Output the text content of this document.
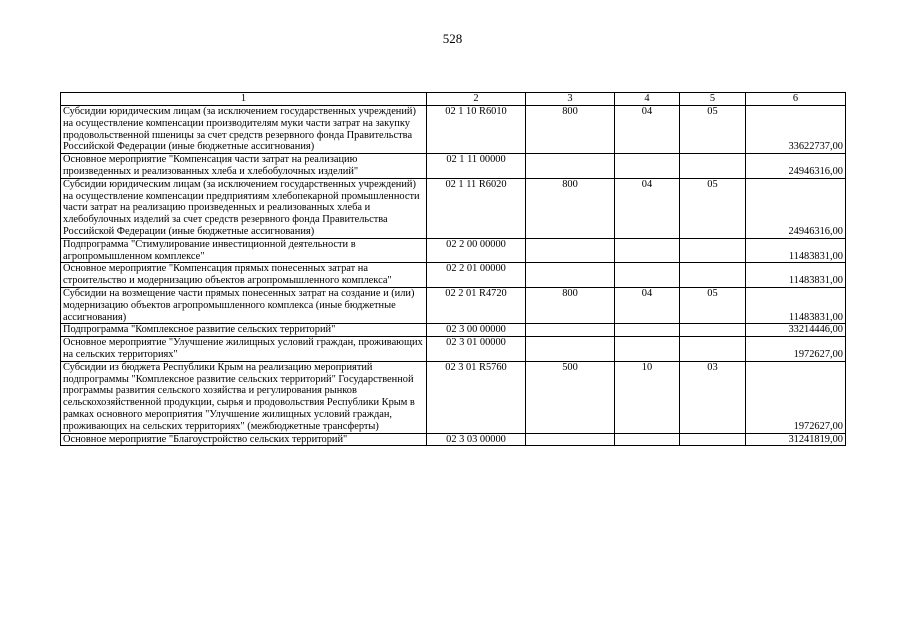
528
1	2	3	4	5	6
Субсидии юридическим лицам (за исключением государственных учреждений) на осуществление компенсации производителям муки части затрат на закупку продовольственной пшеницы за счет средств резервного фонда Правительства Российской Федерации (иные бюджетные ассигнования)	02 1 10 R6010	800	04	05	33622737,00
Основное мероприятие "Компенсация части затрат на реализацию произведенных и реализованных хлеба и хлебобулочных изделий"	02 1 11 00000				24946316,00
Субсидии юридическим лицам (за исключением государственных учреждений) на осуществление компенсации предприятиям хлебопекарной промышленности части затрат на реализацию произведенных и реализованных хлеба и хлебобулочных изделий за счет средств резервного фонда Правительства Российской Федерации (иные бюджетные ассигнования)	02 1 11 R6020	800	04	05	24946316,00
Подпрограмма "Стимулирование инвестиционной деятельности в агропромышленном комплексе"	02 2 00 00000				11483831,00
Основное мероприятие "Компенсация прямых понесенных затрат на строительство и модернизацию объектов агропромышленного комплекса"	02 2 01 00000				11483831,00
Субсидии на возмещение части прямых понесенных затрат на создание и (или) модернизацию объектов агропромышленного комплекса (иные бюджетные ассигнования)	02 2 01 R4720	800	04	05	11483831,00
Подпрограмма "Комплексное развитие сельских территорий"	02 3 00 00000				33214446,00
Основное мероприятие "Улучшение жилищных условий граждан, проживающих на сельских территориях"	02 3 01 00000				1972627,00
Субсидии из бюджета Республики Крым на реализацию мероприятий подпрограммы "Комплексное развитие сельских территорий" Государственной программы развития сельского хозяйства и регулирования рынков сельскохозяйственной продукции, сырья и продовольствия Республики Крым в рамках основного мероприятия "Улучшение жилищных условий граждан, проживающих на сельских территориях" (межбюджетные трансферты)	02 3 01 R5760	500	10	03	1972627,00
Основное мероприятие "Благоустройство сельских территорий"	02 3 03 00000				31241819,00
